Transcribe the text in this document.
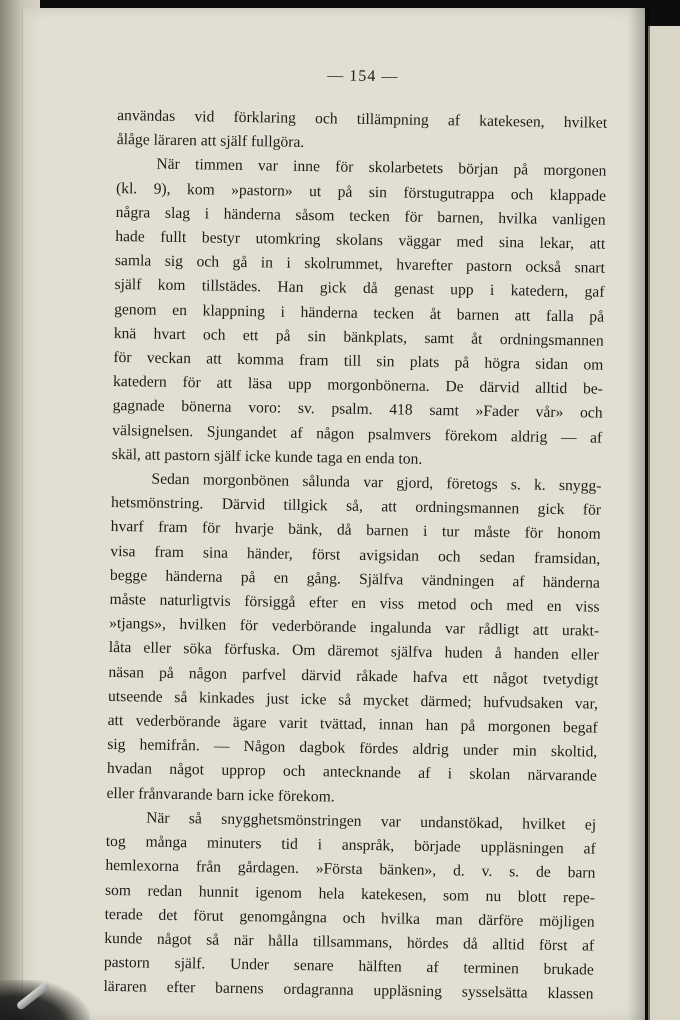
— 154 —
användas vid förklaring och tillämpning af katekesen, hvilket
ålåge läraren att själf fullgöra.
När timmen var inne för skolarbetets början på morgonen
(kl. 9), kom »pastorn» ut på sin förstugutrappa och klappade
några slag i händerna såsom tecken för barnen, hvilka vanligen
hade fullt bestyr utomkring skolans väggar med sina lekar, att
samla sig och gå in i skolrummet, hvarefter pastorn också snart
själf kom tillstädes. Han gick då genast upp i katedern, gaf
genom en klappning i händerna tecken åt barnen att falla på
knä hvart och ett på sin bänkplats, samt åt ordningsmannen
för veckan att komma fram till sin plats på högra sidan om
katedern för att läsa upp morgonbönerna. De därvid alltid be-
gagnade bönerna voro: sv. psalm. 418 samt »Fader vår» och
välsignelsen. Sjungandet af någon psalmvers förekom aldrig — af
skäl, att pastorn själf icke kunde taga en enda ton.
Sedan morgonbönen sålunda var gjord, företogs s. k. snygg-
hetsmönstring. Därvid tillgick så, att ordningsmannen gick för
hvarf fram för hvarje bänk, då barnen i tur måste för honom
visa fram sina händer, först avigsidan och sedan framsidan,
begge händerna på en gång. Själfva vändningen af händerna
måste naturligtvis försiggå efter en viss metod och med en viss
»tjangs», hvilken för vederbörande ingalunda var rådligt att urakt-
låta eller söka förfuska. Om däremot själfva huden å handen eller
näsan på någon parfvel därvid råkade hafva ett något tvetydigt
utseende så kinkades just icke så mycket därmed; hufvudsaken var,
att vederbörande ägare varit tvättad, innan han på morgonen begaf
sig hemifrån. — Någon dagbok fördes aldrig under min skoltid,
hvadan något upprop och antecknande af i skolan närvarande
eller frånvarande barn icke förekom.
När så snygghetsmönstringen var undanstökad, hvilket ej
tog många minuters tid i anspråk, började uppläsningen af
hemlexorna från gårdagen. »Första bänken», d. v. s. de barn
som redan hunnit igenom hela katekesen, som nu blott repe-
terade det förut genomgångna och hvilka man därföre möjligen
kunde något så när hålla tillsammans, hördes då alltid först af
pastorn själf. Under senare hälften af terminen brukade
läraren efter barnens ordagranna uppläsning sysselsätta klassen
